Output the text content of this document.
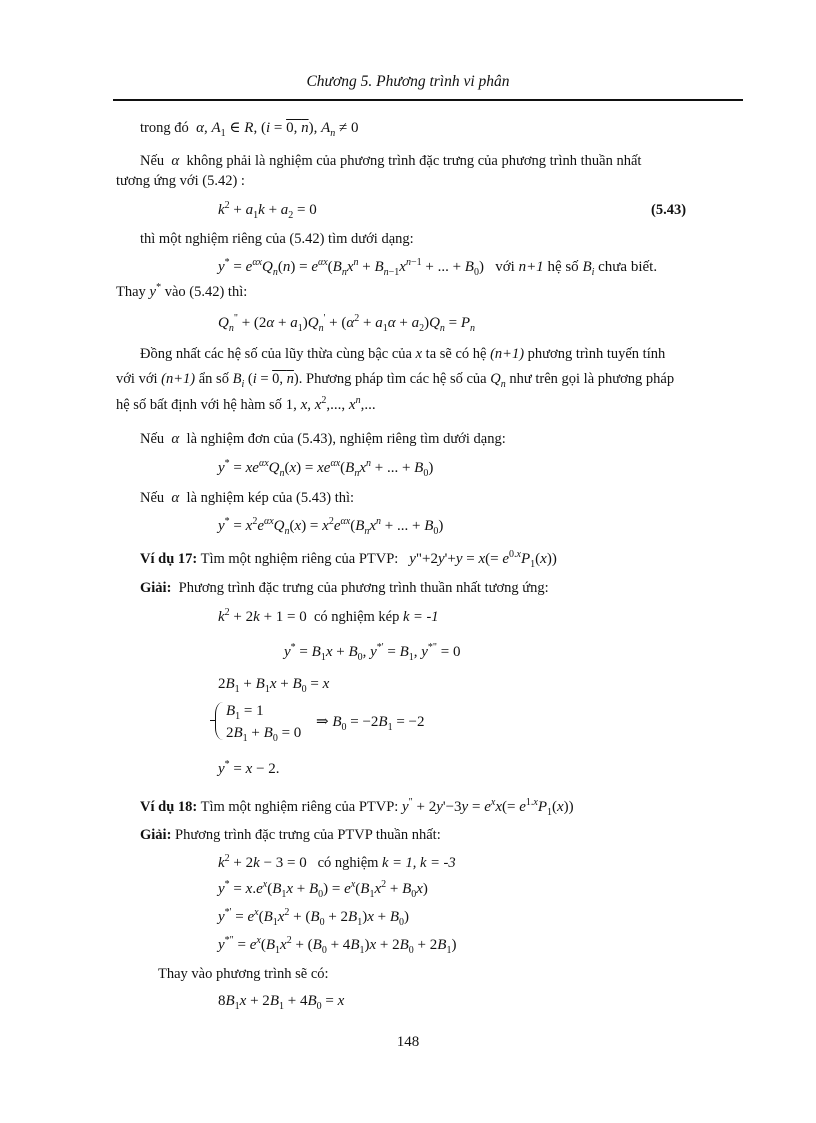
Chương 5. Phương trình vi phân
trong đó α, $A_1$ ∈ R, (i = 0, n), $A_n \ne 0$
Nếu α không phải là nghiệm của phương trình đặc trưng của phương trình thuần nhất
tương ứng với (5.42) :
$k^2 + a_1k + a_2 = 0$	(5.43)
thì một nghiệm riêng của (5.42) tìm dưới dạng:
$y^* = e^{\alpha x}Q_n(n) = e^{\alpha x}(B_nx^n + B_{n-1}x^{n-1}$ + ... + $B_0$)   với n+1 hệ số $B_i$ chưa biết.
Thay y* vào (5.42) thì:
$Q_n^" + (2\alpha + a_1)Q_n' + (\alpha^2 + a_1\alpha + a_2)Q_n = P_n$
Đồng nhất các hệ số của lũy thừa cùng bậc của x ta sẽ có hệ (n+1) phương trình tuyến tính
với với (n+1) ẩn số $B_i$ (i = 0, n). Phương pháp tìm các hệ số của $Q_n$ như trên gọi là phương pháp
hệ số bất định với hệ hàm số 1, x, $x^2$,..., $x^n$,...
Nếu α là nghiệm đơn của (5.43), nghiệm riêng tìm dưới dạng:
$y^* = xe^{\alpha x}Q_n(x) = xe^{\alpha x}(B_nx^n$ + ... + $B_0$)
Nếu α là nghiệm kép của (5.43) thì:
$y^* = x^2e^{\alpha x}Q_n(x) = x^2e^{\alpha x}(B_nx^n$ + ... + $B_0$)
Ví dụ 17: Tìm một nghiệm riêng của PTVP: y"+2y'+y = $x(= e^{0.x}P_1(x))$
Giải: Phương trình đặc trưng của phương trình thuần nhất tương ứng:
$k^2 + 2k + 1 = 0$ có nghiệm kép k = -1
$y^* = B_1x + B_0$, $y^{*'} = B_1$, y*" = 0
$2B_1 + B_1x + B_0 = x$
$B_1 = 1$
$2B_1 + B_0 = 0$
⇒ $B_0 = -2B_1 = -2$
y* = x − 2.
Ví dụ 18: Tìm một nghiệm riêng của PTVP: $y^" + 2y'-3y = e^xx(= e^{1.x}P_1(x))$
Giải: Phương trình đặc trưng của PTVP thuần nhất:
$k^2 + 2k - 3 = 0$ có nghiệm k = 1, k = -3
$y^* = x.e^x(B_1x + B_0) = e^x(B_1x^2 + B_0x)$
$y^{*'} = e^x(B_1x^2 + (B_0 + 2B_1)x + B_0)$
$y^{*"} = e^x(B_1x^2 + (B_0 + 4B_1)x + 2B_0 + 2B_1)$
Thay vào phương trình sẽ có:
$8B_1x + 2B_1 + 4B_0 = x$
148
